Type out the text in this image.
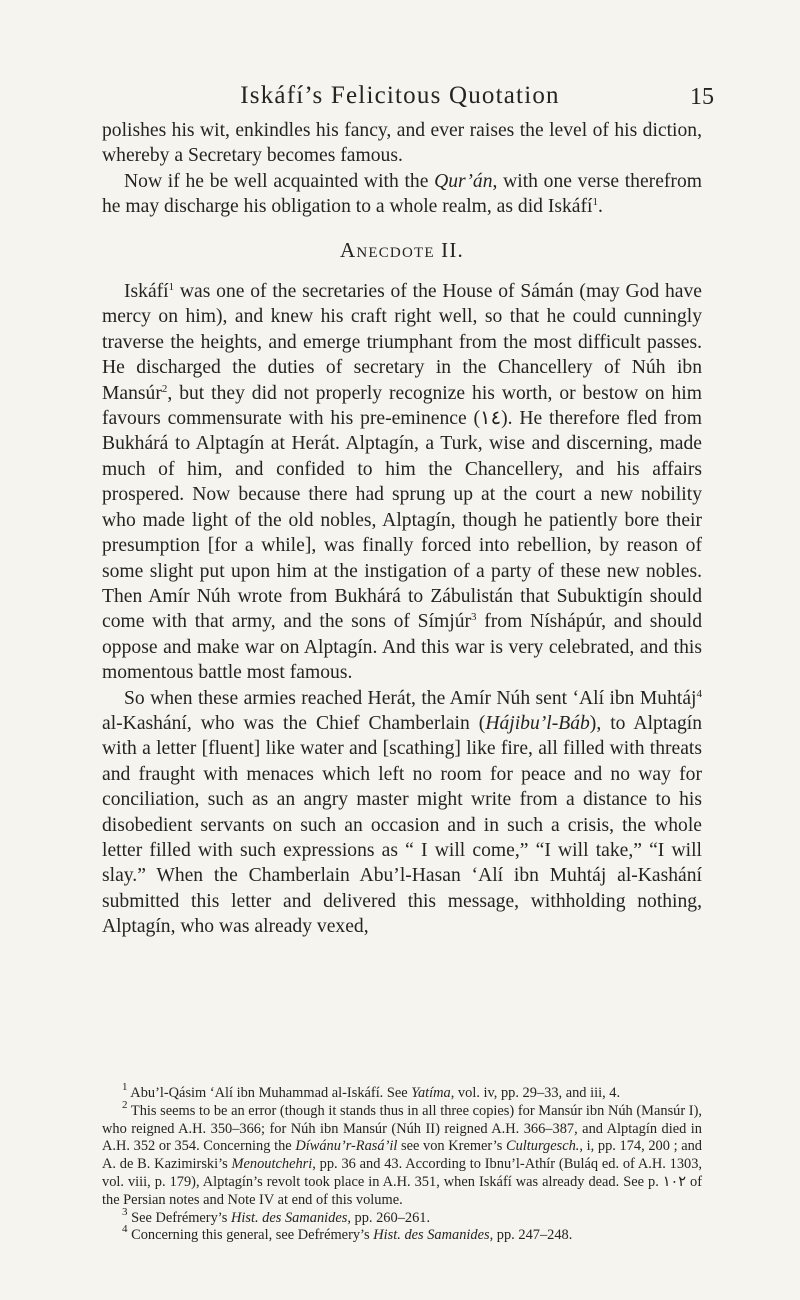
Iskáfí’s Felicitous Quotation	15

polishes his wit, enkindles his fancy, and ever raises the level of his diction, whereby a Secretary becomes famous.

Now if he be well acquainted with the Qur’án, with one verse therefrom he may discharge his obligation to a whole realm, as did Iskáfí$^1$.

Anecdote II.

Iskáfí$^1$ was one of the secretaries of the House of Sámán (may God have mercy on him), and knew his craft right well, so that he could cunningly traverse the heights, and emerge triumphant from the most difficult passes. He discharged the duties of secretary in the Chancellery of Núh ibn Mansúr$^2$, but they did not properly recognize his worth, or bestow on him favours commensurate with his pre-eminence (١٤). He therefore fled from Bukhárá to Alptagín at Herát. Alptagín, a Turk, wise and discerning, made much of him, and confided to him the Chancellery, and his affairs prospered. Now because there had sprung up at the court a new nobility who made light of the old nobles, Alptagín, though he patiently bore their presumption [for a while], was finally forced into rebellion, by reason of some slight put upon him at the instigation of a party of these new nobles. Then Amír Núh wrote from Bukhárá to Zábulistán that Subuktigín should come with that army, and the sons of Símjúr$^3$ from Níshápúr, and should oppose and make war on Alptagín. And this war is very celebrated, and this momentous battle most famous.

So when these armies reached Herát, the Amír Núh sent ‘Alí ibn Muhtáj$^4$ al-Kashání, who was the Chief Chamberlain (Hájibu’l-Báb), to Alptagín with a letter [fluent] like water and [scathing] like fire, all filled with threats and fraught with menaces which left no room for peace and no way for conciliation, such as an angry master might write from a distance to his disobedient servants on such an occasion and in such a crisis, the whole letter filled with such expressions as “ I will come,” “I will take,” “I will slay.” When the Chamberlain Abu’l-Hasan ‘Alí ibn Muhtáj al-Kashání submitted this letter and delivered this message, withholding nothing, Alptagín, who was already vexed,

$^1$ Abu’l-Qásim ‘Alí ibn Muhammad al-Iskáfí. See Yatíma, vol. iv, pp. 29–33, and iii, 4.

$^2$ This seems to be an error (though it stands thus in all three copies) for Mansúr ibn Núh (Mansúr I), who reigned A.H. 350–366; for Núh ibn Mansúr (Núh II) reigned A.H. 366–387, and Alptagín died in A.H. 352 or 354. Concerning the Díwánu’r-Rasá’il see von Kremer’s Culturgesch., i, pp. 174, 200 ; and A. de B. Kazimirski’s Menoutchehri, pp. 36 and 43. According to Ibnu’l-Athír (Buláq ed. of A.H. 1303, vol. viii, p. 179), Alptagín’s revolt took place in A.H. 351, when Iskáfí was already dead. See p. ١٠٢ of the Persian notes and Note IV at end of this volume.

$^3$ See Defrémery’s Hist. des Samanides, pp. 260–261.

$^4$ Concerning this general, see Defrémery’s Hist. des Samanides, pp. 247–248.
